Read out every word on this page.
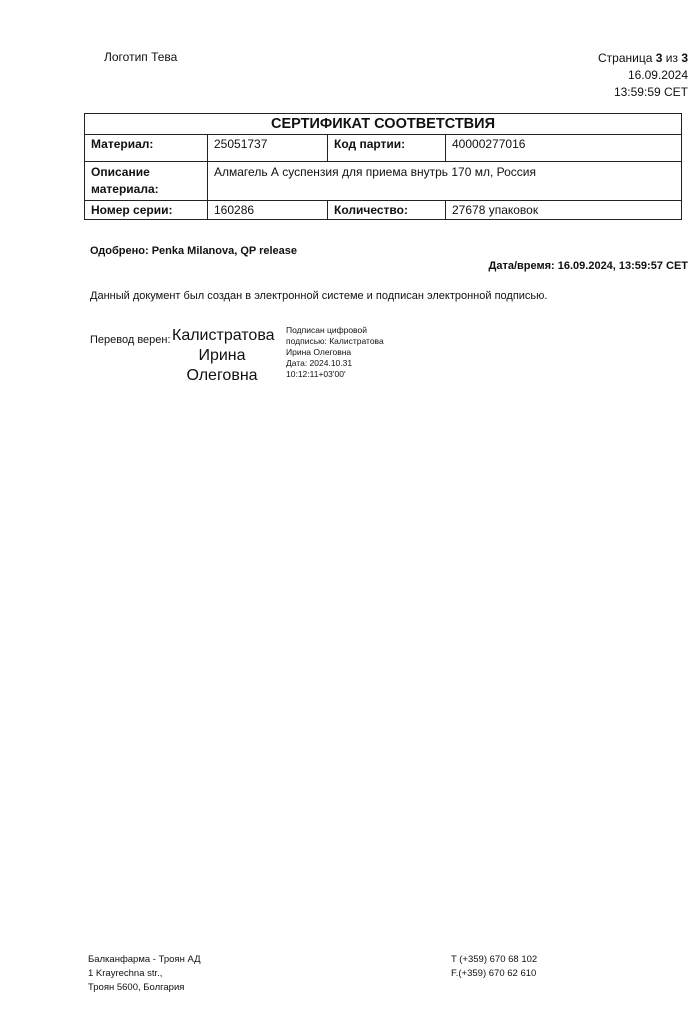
Логотип Тева	Страница 3 из 3
16.09.2024
13:59:59 CET
СЕРТИФИКАТ СООТВЕТСТВИЯ			
Материал:	25051737	Код партии:	40000277016
Описание
материала:	Алмагель А суспензия для приема внутрь 170 мл, Россия		
Номер серии:	160286	Количество:	27678 упаковок
Одобрено: Penka Milanova, QP release
Дата/время: 16.09.2024, 13:59:57 CET
Данный документ был создан в электронной системе и подписан электронной подписью.
Перевод верен: Калистратова
Ирина
Олеговна
Подписан цифровой
подписью: Калистратова
Ирина Олеговна
Дата: 2024.10.31
10:12:11+03'00'
Балканфарма - Троян АД
1 Krayrechna str.,
Троян 5600, Болгария
T (+359) 670 68 102
F.(+359) 670 62 610
